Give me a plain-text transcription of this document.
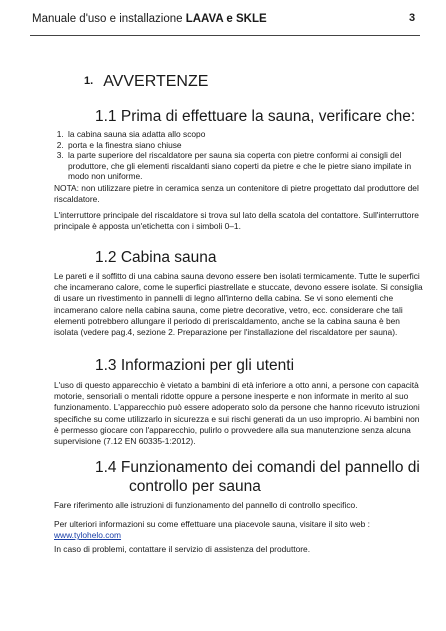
Manuale d'uso e installazione LAAVA e SKLE	3
1. AVVERTENZE
1.1 Prima di effettuare la sauna, verificare che:
1. la cabina sauna sia adatta allo scopo
2. porta e la finestra siano chiuse
3. la parte superiore del riscaldatore per sauna sia coperta con pietre conformi ai consigli del produttore, che gli elementi riscaldanti siano coperti da pietre e che le pietre siano impilate in modo non uniforme.
NOTA: non utilizzare pietre in ceramica senza un contenitore di pietre progettato dal produttore del riscaldatore.
L'interruttore principale del riscaldatore si trova sul lato della scatola del contattore. Sull'interruttore principale è apposta un'etichetta con i simboli 0–1.
1.2 Cabina sauna
Le pareti e il soffitto di una cabina sauna devono essere ben isolati termicamente. Tutte le superfici che incamerano calore, come le superfici piastrellate e stuccate, devono essere isolate. Si consiglia di usare un rivestimento in pannelli di legno all'interno della cabina. Se vi sono elementi che incamerano calore nella cabina sauna, come pietre decorative, vetro, ecc. considerare che tali elementi potrebbero allungare il periodo di preriscaldamento, anche se la cabina sauna è ben isolata (vedere pag.4, sezione 2. Preparazione per l'installazione del riscaldatore per sauna).
1.3 Informazioni per gli utenti
L'uso di questo apparecchio è vietato a bambini di età inferiore a otto anni, a persone con capacità motorie, sensoriali o mentali ridotte oppure a persone inesperte e non informate in merito al suo funzionamento. L'apparecchio può essere adoperato solo da persone che hanno ricevuto istruzioni specifiche su come utilizzarlo in sicurezza e sui rischi generati da un uso improprio. Ai bambini non è permesso giocare con l'apparecchio, pulirlo o provvedere alla sua manutenzione senza alcuna supervisione (7.12 EN 60335-1:2012).
1.4 Funzionamento dei comandi del pannello di
controllo per sauna
Fare riferimento alle istruzioni di funzionamento del pannello di controllo specifico.
Per ulteriori informazioni su come effettuare una piacevole sauna, visitare il sito web :
www.tylohelo.com
In caso di problemi, contattare il servizio di assistenza del produttore.
